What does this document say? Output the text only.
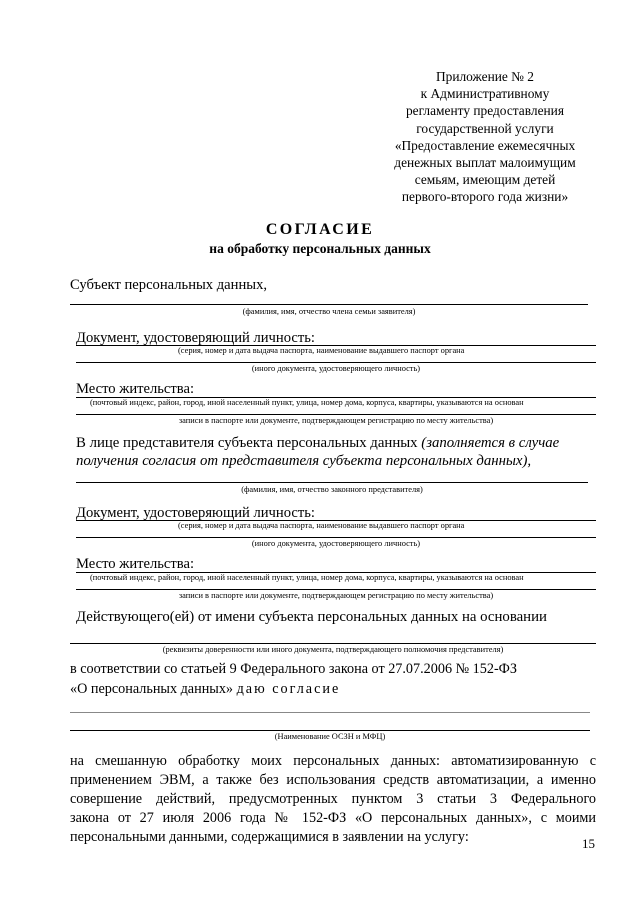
Приложение № 2
к Административному
регламенту предоставления
государственной услуги
«Предоставление ежемесячных
денежных выплат малоимущим
семьям, имеющим детей
первого-второго года жизни»
СОГЛАСИЕ
на обработку персональных данных
Субъект персональных данных,
(фамилия, имя, отчество члена семьи заявителя)
Документ, удостоверяющий личность:
(серия, номер и дата выдача паспорта, наименование выдавшего паспорт органа
(иного документа, удостоверяющего личность)
Место жительства:
(почтовый индекс, район, город, иной населенный пункт, улица, номер дома, корпуса, квартиры, указываются на основан
записи в паспорте или документе, подтверждающем регистрацию по месту жительства)
В лице представителя субъекта персональных данных (заполняется в случае
получения согласия от представителя субъекта персональных данных),
(фамилия, имя, отчество законного представителя)
Документ, удостоверяющий личность:
(серия, номер и дата выдача паспорта, наименование выдавшего паспорт органа
(иного документа, удостоверяющего личность)
Место жительства:
(почтовый индекс, район, город, иной населенный пункт, улица, номер дома, корпуса, квартиры, указываются на основан
записи в паспорте или документе, подтверждающем регистрацию по месту жительства)
Действующего(ей) от имени субъекта персональных данных на основании
(реквизиты доверенности или иного документа, подтверждающего полномочия представителя)
в соответствии со статьей 9 Федерального закона от 27.07.2006 № 152-ФЗ
«О персональных данных» даю согласие
(Наименование ОСЗН и МФЦ)
на смешанную обработку моих персональных данных: автоматизированную с
применением ЭВМ, а также без использования средств автоматизации, а именно
совершение действий, предусмотренных пунктом 3 статьи 3 Федерального
закона от 27 июля 2006 года № 152-ФЗ «О персональных данных», с моими
персональными данными, содержащимися в заявлении на услугу:	15
